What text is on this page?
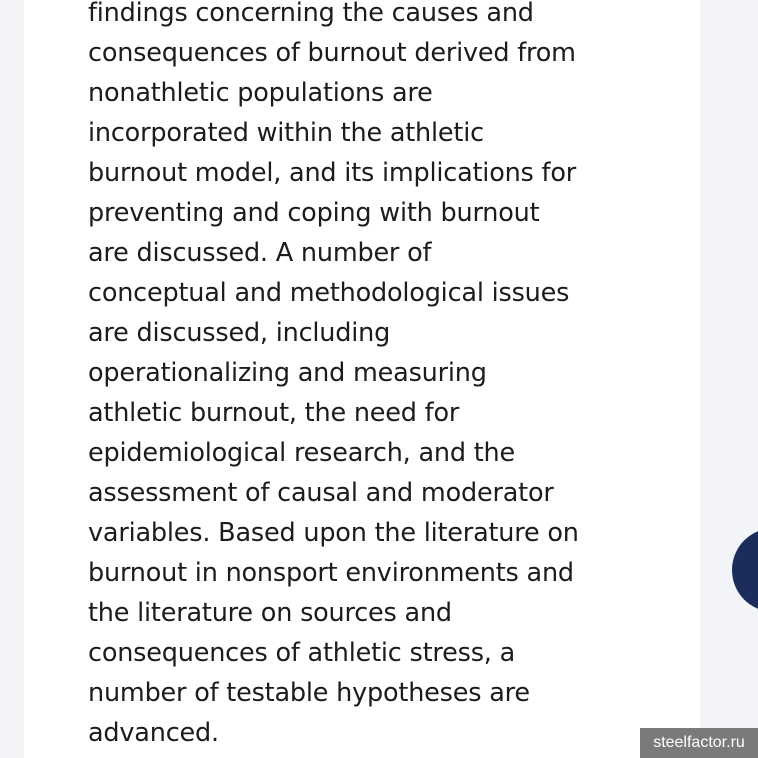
findings concerning the causes and
consequences of burnout derived from
nonathletic populations are
incorporated within the athletic
burnout model, and its implications for
preventing and coping with burnout
are discussed. A number of
conceptual and methodological issues
are discussed, including
operationalizing and measuring
athletic burnout, the need for
epidemiological research, and the
assessment of causal and moderator
variables. Based upon the literature on
burnout in nonsport environments and
the literature on sources and
consequences of athletic stress, a
number of testable hypotheses are
advanced.	steelfactor.ru
